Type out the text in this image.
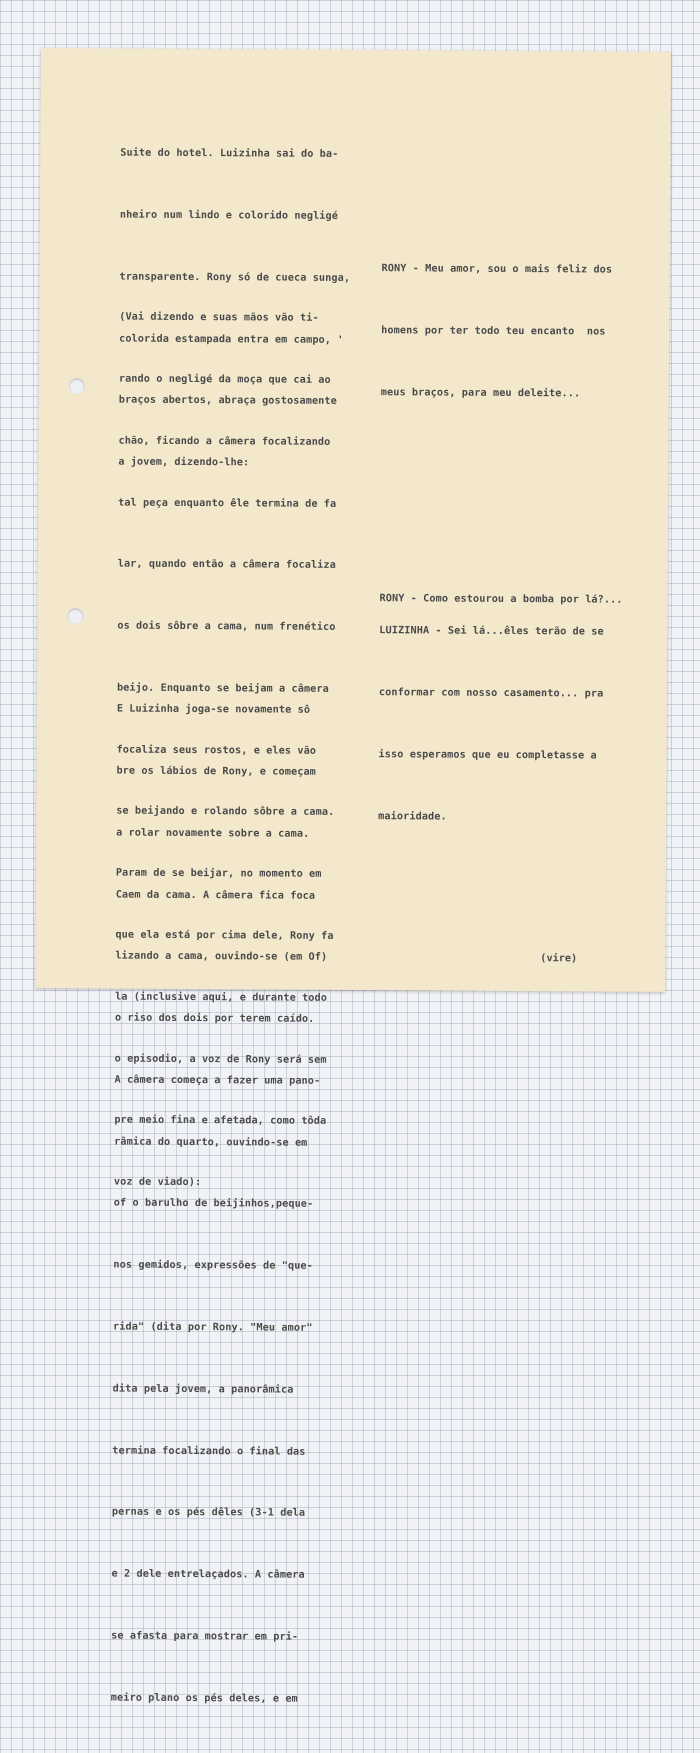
Suite do hotel. Luizinha sai do ba-

nheiro num lindo e colorido negligé

transparente. Rony só de cueca sunga,

colorida estampada entra em campo, '

braços abertos, abraça gostosamente

a jovem, dizendo-lhe:

RONY - Meu amor, sou o mais feliz dos

homens por ter todo teu encanto  nos

meus braços, para meu deleite...

(Vai dizendo e suas mãos vão ti-

rando o negligé da moça que cai ao

chão, ficando a câmera focalizando

tal peça enquanto êle termina de fa

lar, quando então a câmera focaliza

os dois sôbre a cama, num frenético

beijo. Enquanto se beijam a câmera

focaliza seus rostos, e eles vão

se beijando e rolando sôbre a cama.

Param de se beijar, no momento em

que ela está por cima dele, Rony fa

la (inclusive aqui, e durante todo

o episodio, a voz de Rony será sem

pre meio fina e afetada, como tôda

voz de viado):

RONY - Como estourou a bomba por lá?...

LUIZINHA - Sei lá...êles terão de se

conformar com nosso casamento... pra

isso esperamos que eu completasse a

maioridade.

E Luizinha joga-se novamente sô

bre os lábios de Rony, e começam

a rolar novamente sobre a cama.

Caem da cama. A câmera fica foca

lizando a cama, ouvindo-se (em Of)

o riso dos dois por terem caído.

A câmera começa a fazer uma pano-

râmica do quarto, ouvindo-se em

of o barulho de beijinhos,peque-

nos gemidos, expressões de "que-

rida" (dita por Rony. "Meu amor"

dita pela jovem, a panorâmica

termina focalizando o final das

pernas e os pés dêles (3-1 dela

e 2 dele entrelaçados. A câmera

se afasta para mostrar em pri-

meiro plano os pés deles, e em

(vire)
